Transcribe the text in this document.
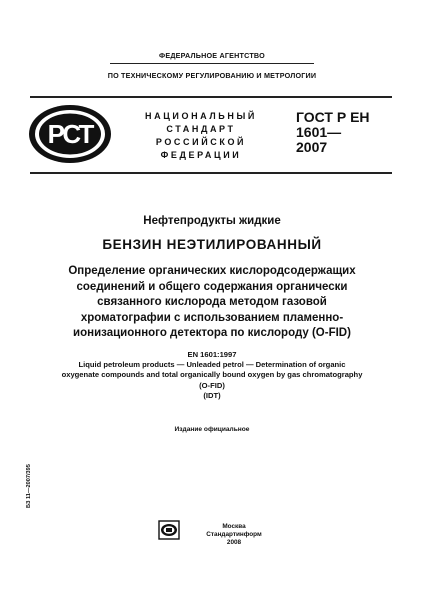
ФЕДЕРАЛЬНОЕ АГЕНТСТВО
ПО ТЕХНИЧЕСКОМУ РЕГУЛИРОВАНИЮ И МЕТРОЛОГИИ
РСТ
НАЦИОНАЛЬНЫЙ
СТАНДАРТ
РОССИЙСКОЙ
ФЕДЕРАЦИИ
ГОСТ Р ЕН
1601—
2007
Нефтепродукты жидкие
БЕНЗИН НЕЭТИЛИРОВАННЫЙ
Определение органических кислородсодержащих
соединений и общего содержания органически
связанного кислорода методом газовой
хроматографии с использованием пламенно-
ионизационного детектора по кислороду (O-FID)
EN 1601:1997
Liquid petroleum products — Unleaded petrol — Determination of organic
oxygenate compounds and total organically bound oxygen by gas chromatography
(O-FID)
(IDT)
Издание официальное
БЗ 11—2007/395
Москва
Стандартинформ
2008
